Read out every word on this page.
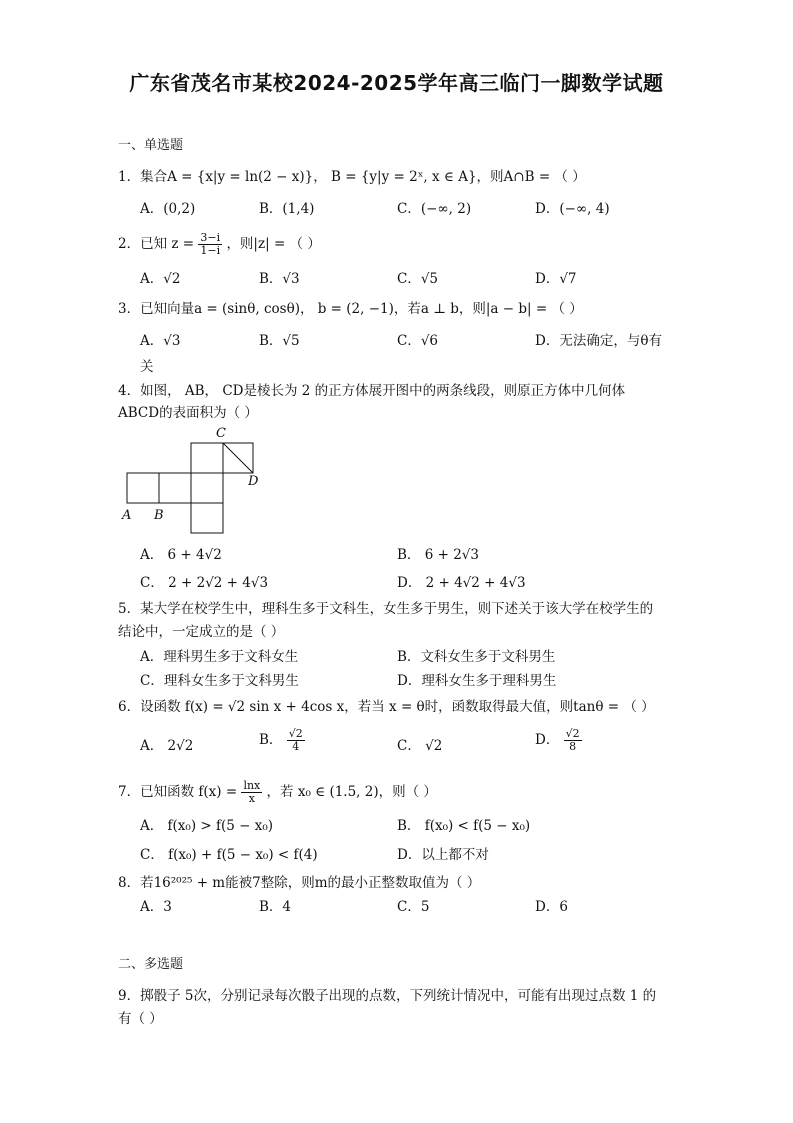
广东省茂名市某校2024-2025学年高三临门一脚数学试题
一、单选题
1．集合A = {x|y = ln(2 − x)}， B = {y|y = 2ˣ, x ∈ A}，则A∩B = （ ）
A．(0,2)	B．(1,4)	C．(−∞, 2)	D．(−∞, 4)
2．已知 $z = \frac{3-i}{1-i}$ ，则|z| = （ ）
A．√2	B．√3	C．√5	D．√7
3．已知向量a = (sinθ, cosθ)， b = (2, −1)，若a ⊥ b，则|a − b| = （ ）
A．√3	B．√5	C．√6	D．无法确定，与θ有
关
4．如图， AB， CD是棱长为 2 的正方体展开图中的两条线段，则原正方体中几何体
ABCD的表面积为（ ）
C
D
A B
A． 6 + 4√2	B． 6 + 2√3
C． 2 + 2√2 + 4√3	D． 2 + 4√2 + 4√3
5．某大学在校学生中，理科生多于文科生，女生多于男生，则下述关于该大学在校学生的
结论中，一定成立的是（ ）
A．理科男生多于文科女生	B．文科女生多于文科男生
C．理科女生多于文科男生	D．理科女生多于理科男生
6．设函数 f(x) = √2 sin x + 4cos x，若当 x = θ时，函数取得最大值，则tanθ = （ ）
A． 2√2	B． $\frac{√2}{4}$	C． √2	D． $\frac{√2}{8}$
7．已知函数 $f(x) = \frac{\ln x}{x}$ ，若 x₀ ∈ (1.5, 2)，则（ ）
A． f(x₀) > f(5 − x₀)	B． f(x₀) < f(5 − x₀)
C． f(x₀) + f(5 − x₀) < f(4)	D．以上都不对
8．若16²⁰²⁵ + m能被7整除，则m的最小正整数取值为（ ）
A．3	B．4	C．5	D．6
二、多选题
9．掷骰子 5次，分别记录每次骰子出现的点数，下列统计情况中，可能有出现过点数 1 的
有（ ）
